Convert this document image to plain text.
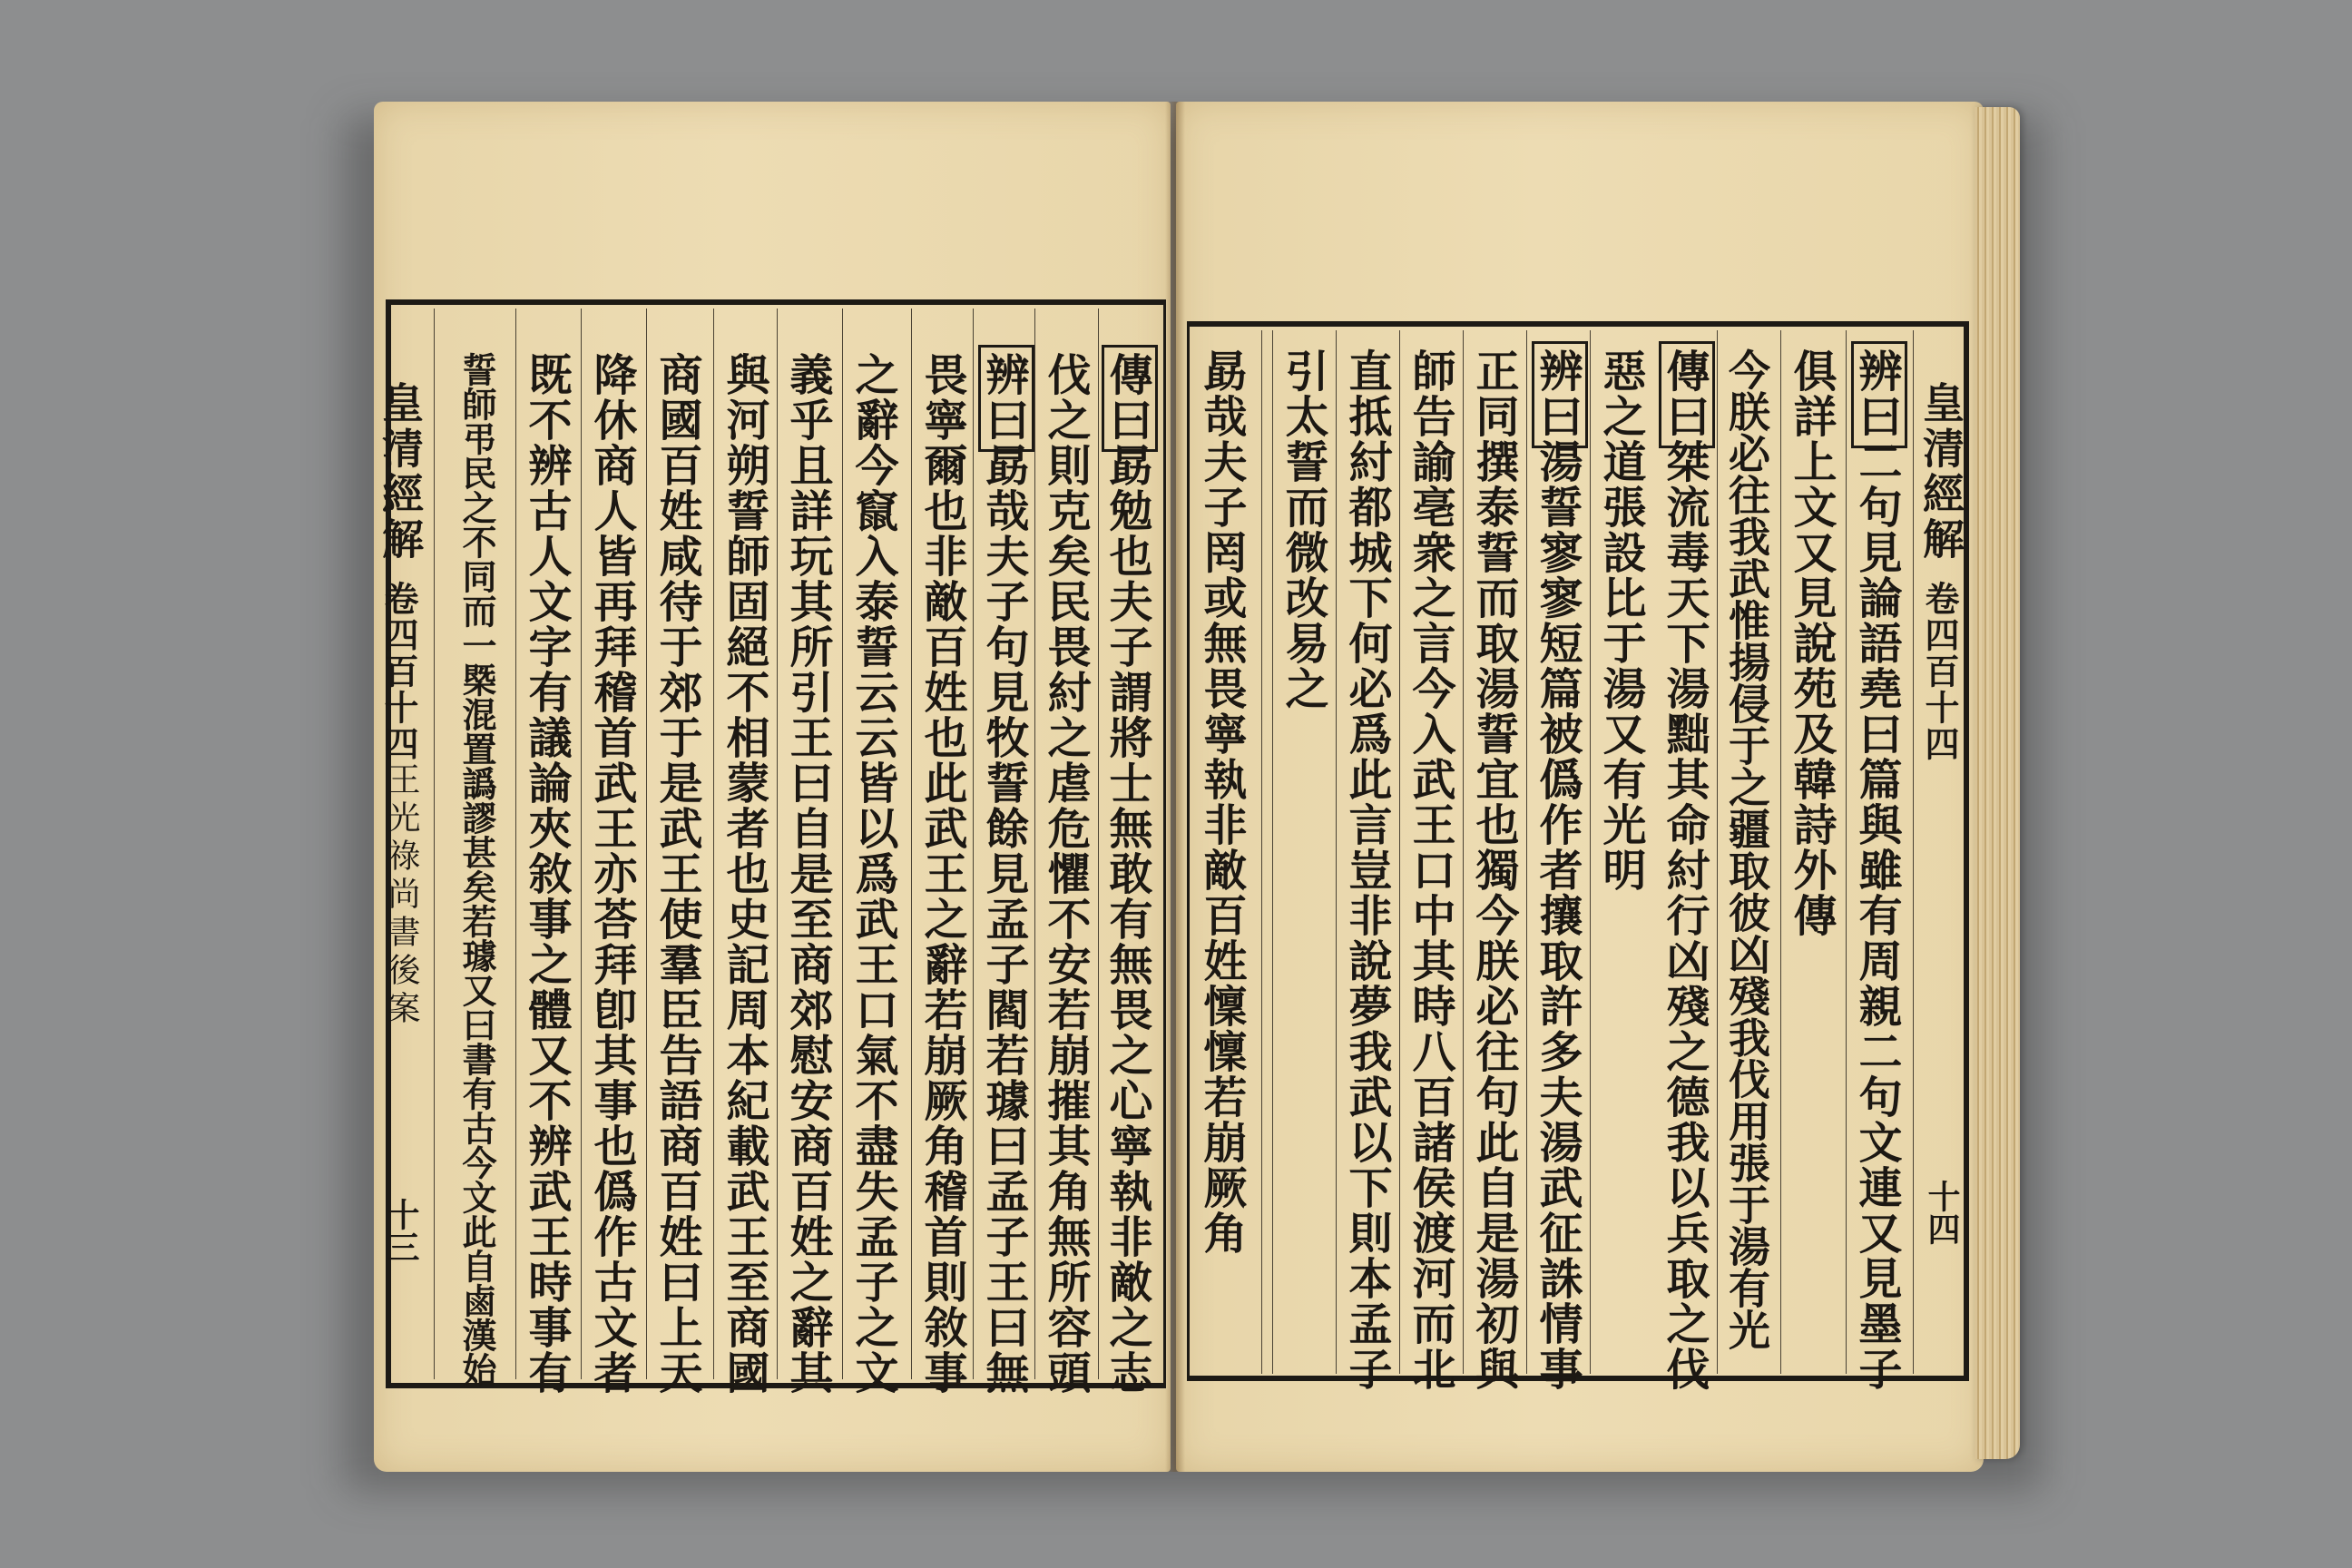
皇清經解
卷四百十四
王光祿尚書後案
十三	傳曰勗勉也夫子謂將士無敢有無畏之心寧執非敵之志
伐之則克矣民畏紂之虐危懼不安若崩摧其角無所容頭
辨曰勗哉夫子句見牧誓餘見孟子閻若璩曰孟子王曰無
畏寧爾也非敵百姓也此武王之辭若崩厥角稽首則敘事
之辭今竄入泰誓云云皆以爲武王口氣不盡失孟子之文
義乎且詳玩其所引王曰自是至商郊慰安商百姓之辭其
與河朔誓師固絕不相蒙者也史記周本紀載武王至商國
商國百姓咸待于郊于是武王使羣臣告語商百姓曰上天
降休商人皆再拜稽首武王亦荅拜卽其事也僞作古文者
既不辨古人文字有議論夾敘事之體又不辨武王時事有
誓師弔民之不同而一槩混置譌謬甚矣若璩又曰書有古今文此自鹵漢始	皇清經解
卷四百十四
十四
辨曰二句見論語堯曰篇與雖有周親二句文連又見墨子
俱詳上文又見說苑及韓詩外傳
今朕必往我武惟揚侵于之疆取彼凶殘我伐用張于湯有光
傳曰桀流毒天下湯黜其命紂行凶殘之德我以兵取之伐
惡之道張設比于湯又有光明
辨曰湯誓寥寥短篇被僞作者攘取許多夫湯武征誅情事
正同撰泰誓而取湯誓宜也獨今朕必往句此自是湯初與
師告諭亳衆之言今入武王口中其時八百諸侯渡河而北
直抵紂都城下何必爲此言豈非說夢我武以下則本孟子
引太誓而微改易之
勗哉夫子罔或無畏寧執非敵百姓懍懍若崩厥角
